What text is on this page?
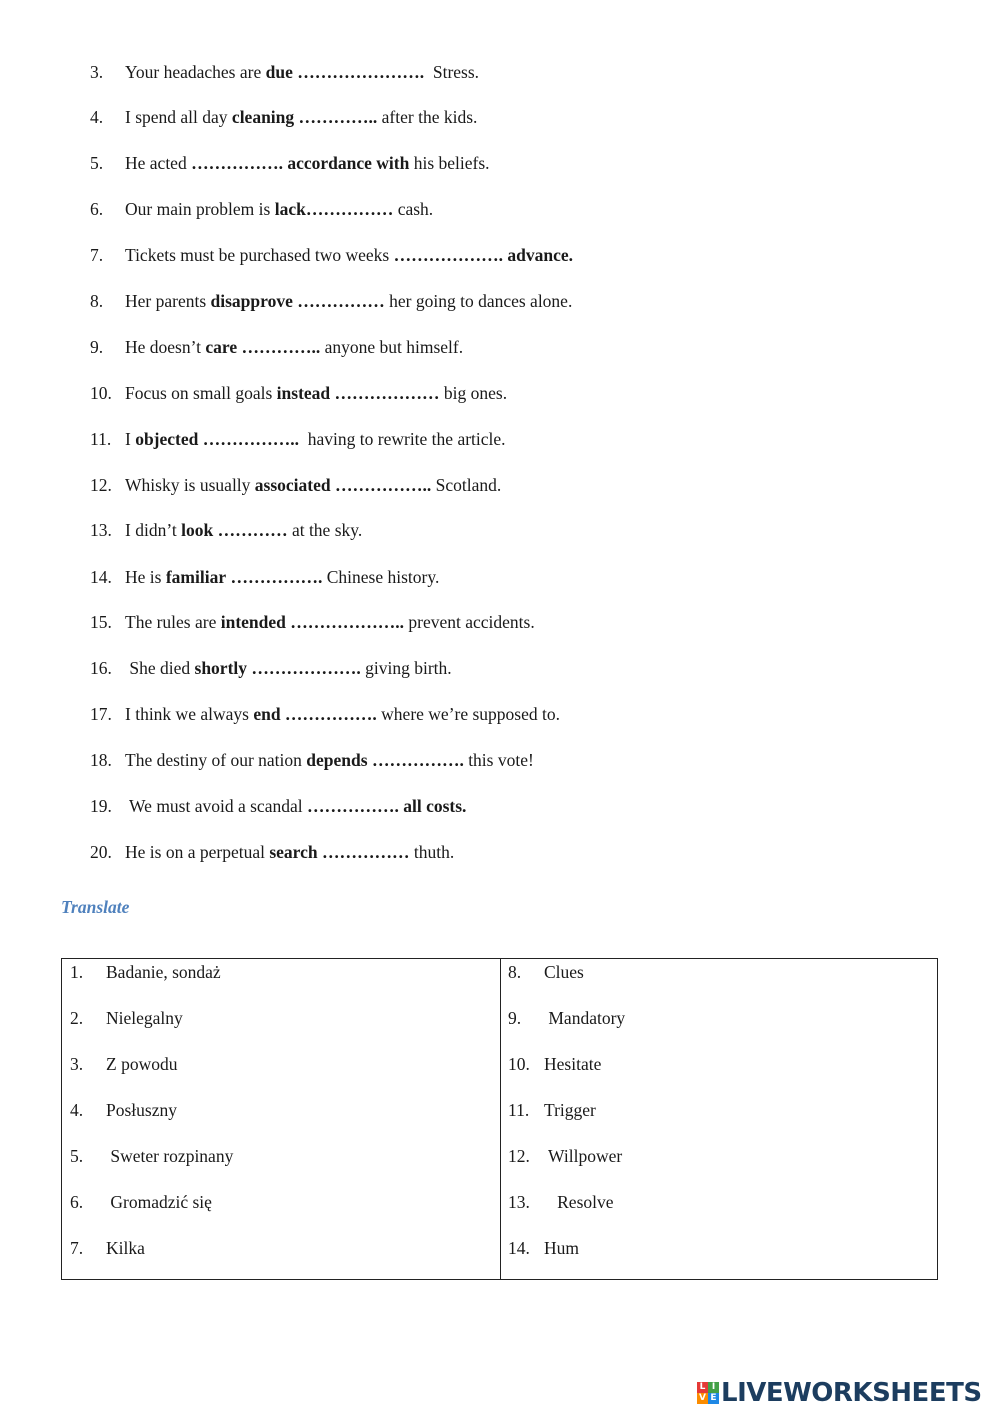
3. Your headaches are due ………………….  Stress.
4. I spend all day cleaning ………….. after the kids.
5. He acted ……………. accordance with his beliefs.
6. Our main problem is lack…………… cash.
7. Tickets must be purchased two weeks ………………. advance.
8. Her parents disapprove …………… her going to dances alone.
9. He doesn’t care ………….. anyone but himself.
10. Focus on small goals instead ……………… big ones.
11. I objected ……………..  having to rewrite the article.
12. Whisky is usually associated …………….. Scotland.
13. I didn’t look ………… at the sky.
14. He is familiar ……………. Chinese history.
15. The rules are intended ……………….. prevent accidents.
16. She died shortly ………………. giving birth.
17. I think we always end ……………. where we’re supposed to.
18. The destiny of our nation depends ……………. this vote!
19. We must avoid a scandal ……………. all costs.
20. He is on a perpetual search …………… thuth.
Translate
1. Badanie, sondaż
2. Nielegalny
3. Z powodu
4. Posłuszny
5. Sweter rozpinany
6. Gromadzić się
7. Kilka
8. Clues
9. Mandatory
10. Hesitate
11. Trigger
12. Willpower
13. Resolve
14. Hum
L I
V E LIVEWORKSHEETS
